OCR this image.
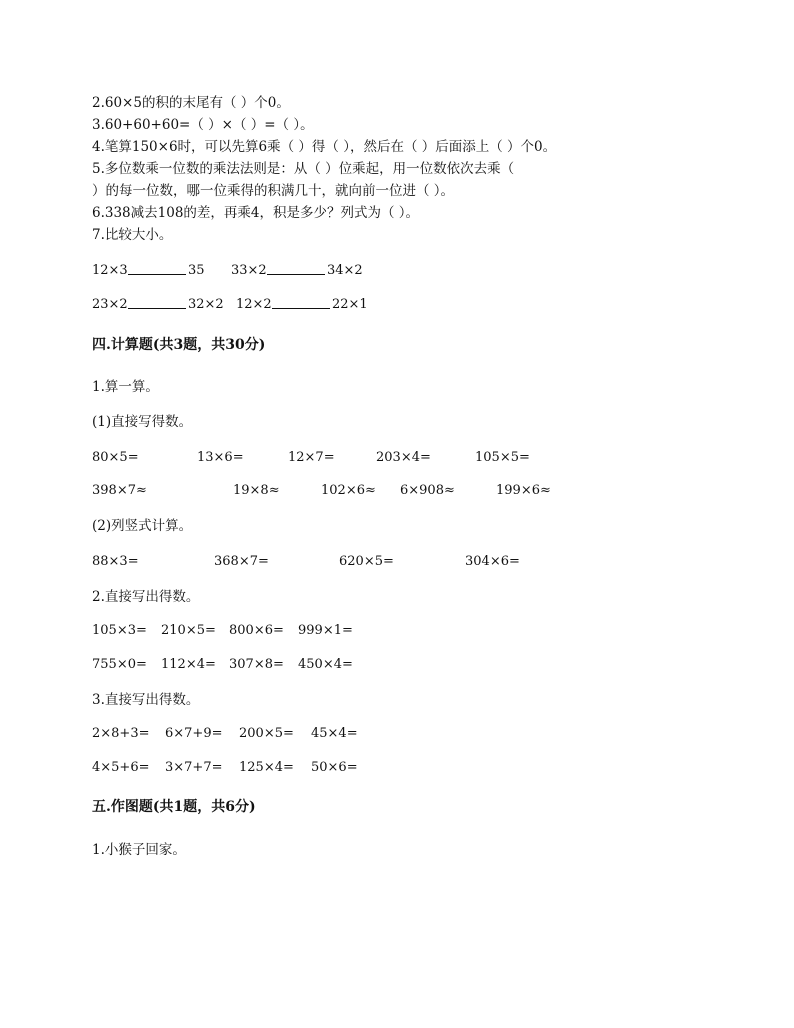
2.60×5的积的末尾有（ ）个0。
3.60+60+60=（ ）×（ ）=（ ）。
4.笔算150×6时，可以先算6乘（ ）得（ ），然后在（ ）后面添上（ ）个0。
5.多位数乘一位数的乘法法则是：从（ ）位乘起，用一位数依次去乘（
）的每一位数，哪一位乘得的积满几十，就向前一位进（ ）。
6.338减去108的差，再乘4，积是多少？列式为（ ）。
7.比较大小。
12×3	35 33×2	34×2
23×2	32×2 12×2	22×1
四.计算题(共3题，共30分)
1.算一算。
(1)直接写得数。
80×5=	13×6=	12×7=	203×4=	105×5=
398×7≈	19×8≈	102×6≈ 6×908≈	199×6≈
(2)列竖式计算。
88×3=	368×7=	620×5=	304×6=
2.直接写出得数。
105×3= 210×5= 800×6= 999×1=
755×0= 112×4= 307×8= 450×4=
3.直接写出得数。
2×8+3= 6×7+9= 200×5= 45×4=
4×5+6= 3×7+7= 125×4= 50×6=
五.作图题(共1题，共6分)
1.小猴子回家。
